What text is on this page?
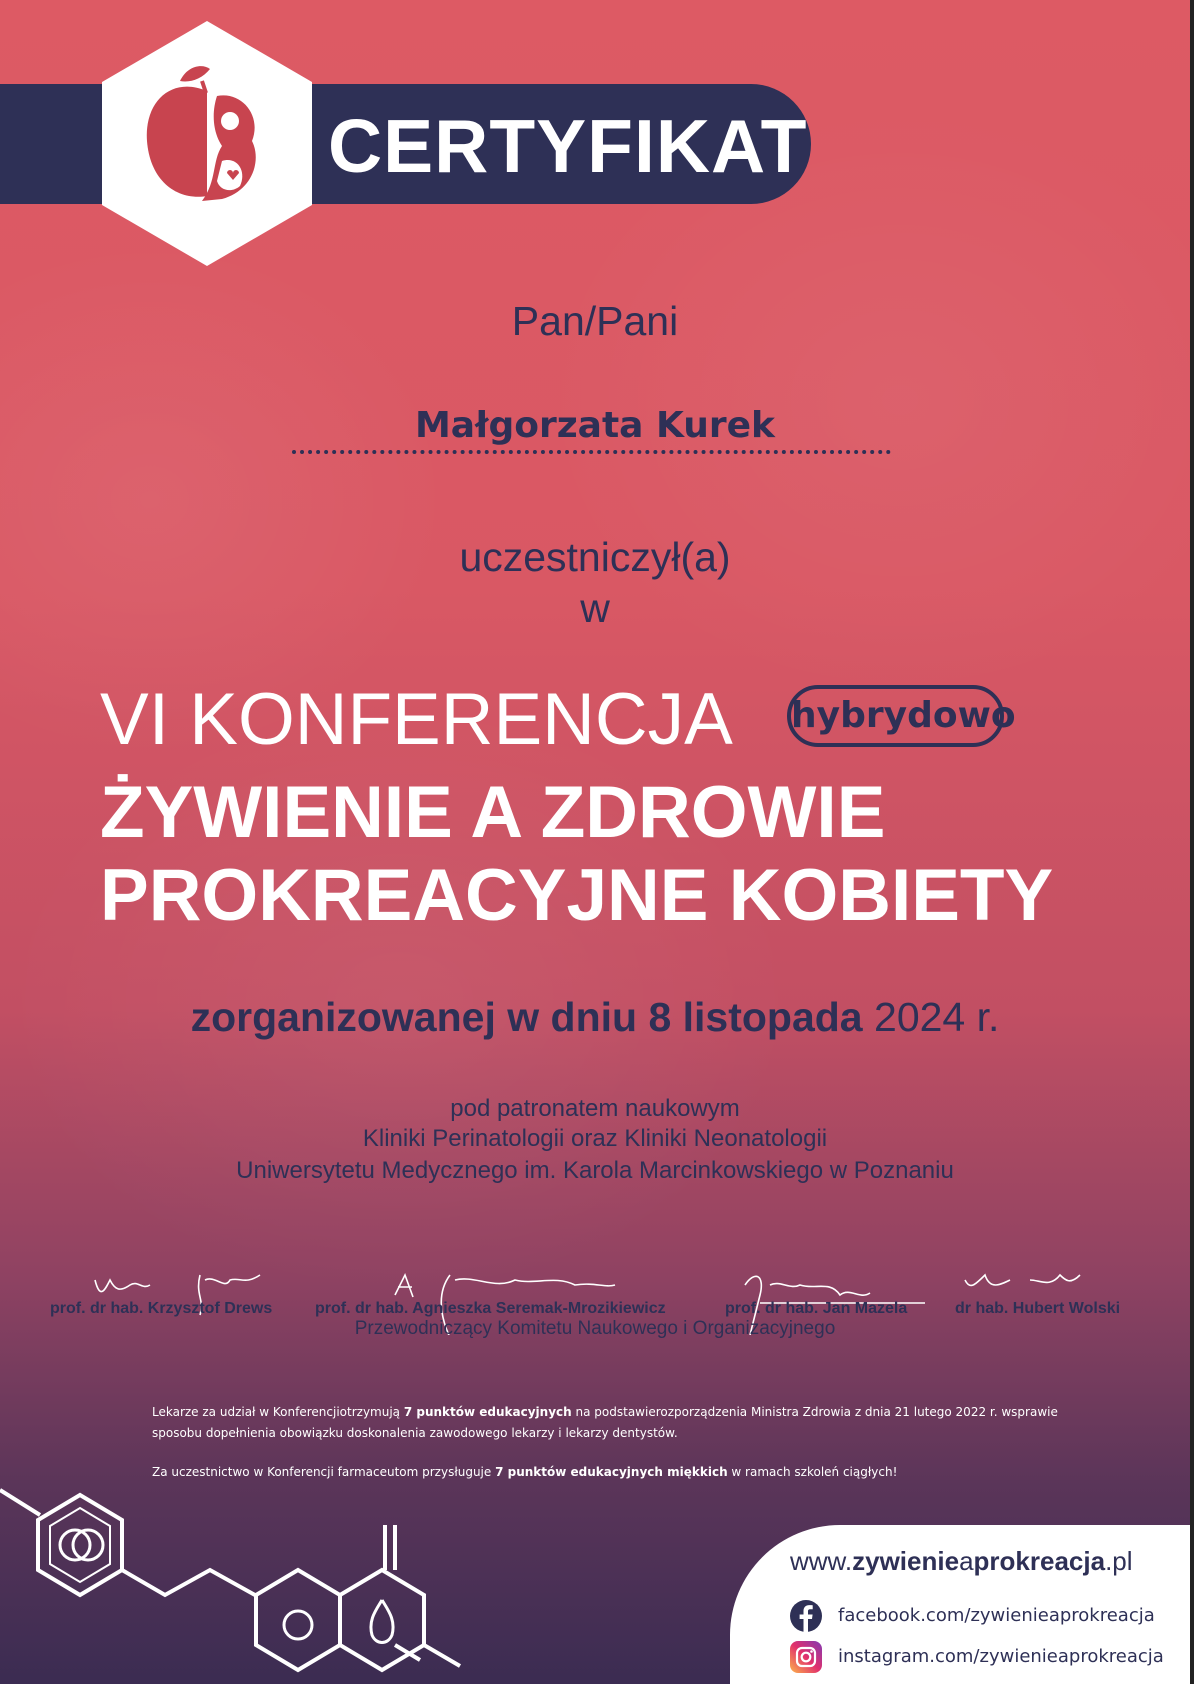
CERTYFIKAT
Pan/Pani
Małgorzata Kurek
uczestniczył(a)
w
VI KONFERENCJA hybrydowo
ŻYWIENIE A ZDROWIE
PROKREACYJNE KOBIETY
zorganizowanej w dniu 8 listopada 2024 r.
pod patronatem naukowym
Kliniki Perinatologii oraz Kliniki Neonatologii
Uniwersytetu Medycznego im. Karola Marcinkowskiego w Poznaniu
prof. dr hab. Krzysztof Drews	prof. dr hab. Agnieszka Seremak-Mrozikiewicz	prof. dr hab. Jan Mazela	dr hab. Hubert Wolski
Przewodniczący Komitetu Naukowego i Organizacyjnego
Lekarze za udział w Konferencjiotrzymują 7 punktów edukacyjnych na podstawierozporządzenia Ministra Zdrowia z dnia 21 lutego 2022 r. wsprawie
sposobu dopełnienia obowiązku doskonalenia zawodowego lekarzy i lekarzy dentystów.
Za uczestnictwo w Konferencji farmaceutom przysługuje 7 punktów edukacyjnych miękkich w ramach szkoleń ciągłych!
www.zywienieaprokreacja.pl
facebook.com/zywienieaprokreacja
instagram.com/zywienieaprokreacja
